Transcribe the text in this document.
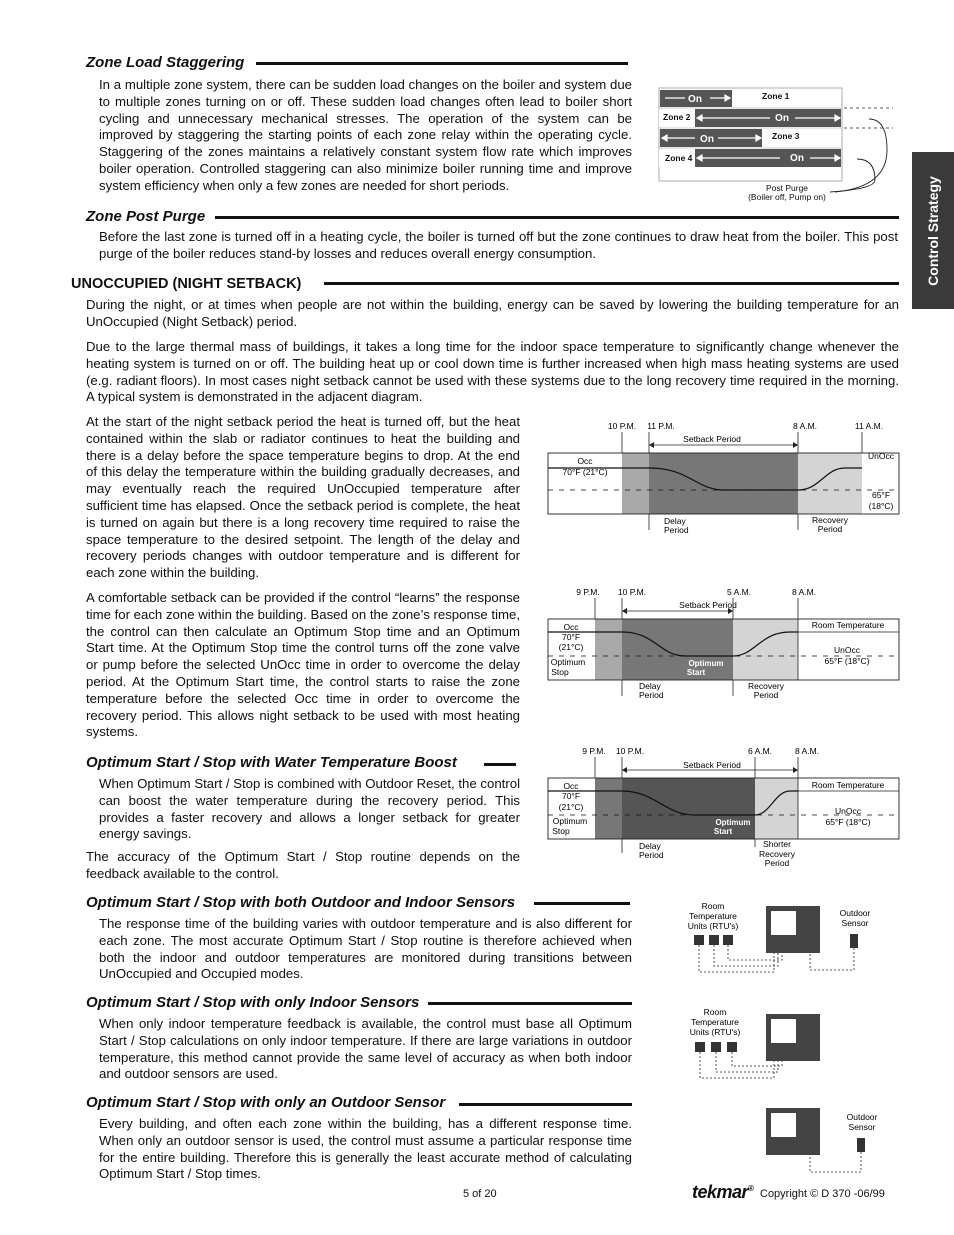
Control Strategy
Zone Load Staggering
In a multiple zone system, there can be sudden load changes on the boiler and system due to multiple zones turning on or off. These sudden load changes often lead to boiler short cycling and unnecessary mechanical stresses. The operation of the system can be improved by staggering the starting points of each zone relay within the operating cycle. Staggering of the zones maintains a relatively constant system flow rate which improves boiler operation. Controlled staggering can also minimize boiler running time and improve system efficiency when only a few zones are needed for short periods.
On	Zone 1
Zone 2	On
On	Zone 3
Zone 4	On
Post Purge
(Boiler off, Pump on)
Zone Post Purge
Before the last zone is turned off in a heating cycle, the boiler is turned off but the zone continues to draw heat from the boiler. This post purge of the boiler reduces stand-by losses and reduces overall energy consumption.
UNOCCUPIED (NIGHT SETBACK)
During the night, or at times when people are not within the building, energy can be saved by lowering the building temperature for an UnOccupied (Night Setback) period.
Due to the large thermal mass of buildings, it takes a long time for the indoor space temperature to significantly change whenever the heating system is turned on or off. The building heat up or cool down time is further increased when high mass heating systems are used (e.g. radiant floors). In most cases night setback cannot be used with these systems due to the long recovery time required in the morning. A typical system is demonstrated in the adjacent diagram.
At the start of the night setback period the heat is turned off, but the heat contained within the slab or radiator continues to heat the building and there is a delay before the space temperature begins to drop. At the end of this delay the temperature within the building gradually decreases, and may eventually reach the required UnOccupied temperature after sufficient time has elapsed. Once the setback period is complete, the heat is turned on again but there is a long recovery time required to raise the space temperature to the desired setpoint. The length of the delay and recovery periods changes with outdoor temperature and is different for each zone within the building.
A comfortable setback can be provided if the control “learns” the response time for each zone within the building. Based on the zone’s response time, the control can then calculate an Optimum Stop time and an Optimum Start time. At the Optimum Stop time the control turns off the zone valve or pump before the selected UnOcc time in order to overcome the delay period. At the Optimum Start time, the control starts to raise the zone temperature before the selected Occ time in order to overcome the recovery period. This allows night setback to be used with most heating systems.
10 P.M. 11 P.M.	8 A.M.	11 A.M.
Setback Period
Occ
70°F (21°C)
UnOcc
65°F
(18°C)
Delay
Period
Recovery
Period
9 P.M. 10 P.M.	5 A.M.	8 A.M.
Setback Period
Occ
70°F
(21°C)
Optimum
Stop
Optimum
Start
Room Temperature
UnOcc
65°F (18°C)
Delay
Period
Recovery
Period
9 P.M. 10 P.M.	6 A.M.	8 A.M.
Setback Period
Occ
70°F
(21°C)
Optimum
Stop
Optimum
Start
Room Temperature
UnOcc
65°F (18°C)
Delay
Period
Shorter
Recovery
Period
Optimum Start / Stop with Water Temperature Boost
When Optimum Start / Stop is combined with Outdoor Reset, the control can boost the water temperature during the recovery period. This provides a faster recovery and allows a longer setback for greater energy savings.
The accuracy of the Optimum Start / Stop routine depends on the feedback available to the control.
Optimum Start / Stop with both Outdoor and Indoor Sensors
The response time of the building varies with outdoor temperature and is also different for each zone. The most accurate Optimum Start / Stop routine is therefore achieved when both the indoor and outdoor temperatures are monitored during transitions between UnOccupied and Occupied modes.
Optimum Start / Stop with only Indoor Sensors
When only indoor temperature feedback is available, the control must base all Optimum Start / Stop calculations on only indoor temperature. If there are large variations in outdoor temperature, this method cannot provide the same level of accuracy as when both indoor and outdoor sensors are used.
Optimum Start / Stop with only an Outdoor Sensor
Every building, and often each zone within the building, has a different response time. When only an outdoor sensor is used, the control must assume a particular response time for the entire building. Therefore this is generally the least accurate method of calculating Optimum Start / Stop times.
Room
Temperature
Units (RTU's)
Outdoor
Sensor
Room
Temperature
Units (RTU's)
Outdoor
Sensor
5 of 20	tekmar® Copyright © D 370 -06/99
